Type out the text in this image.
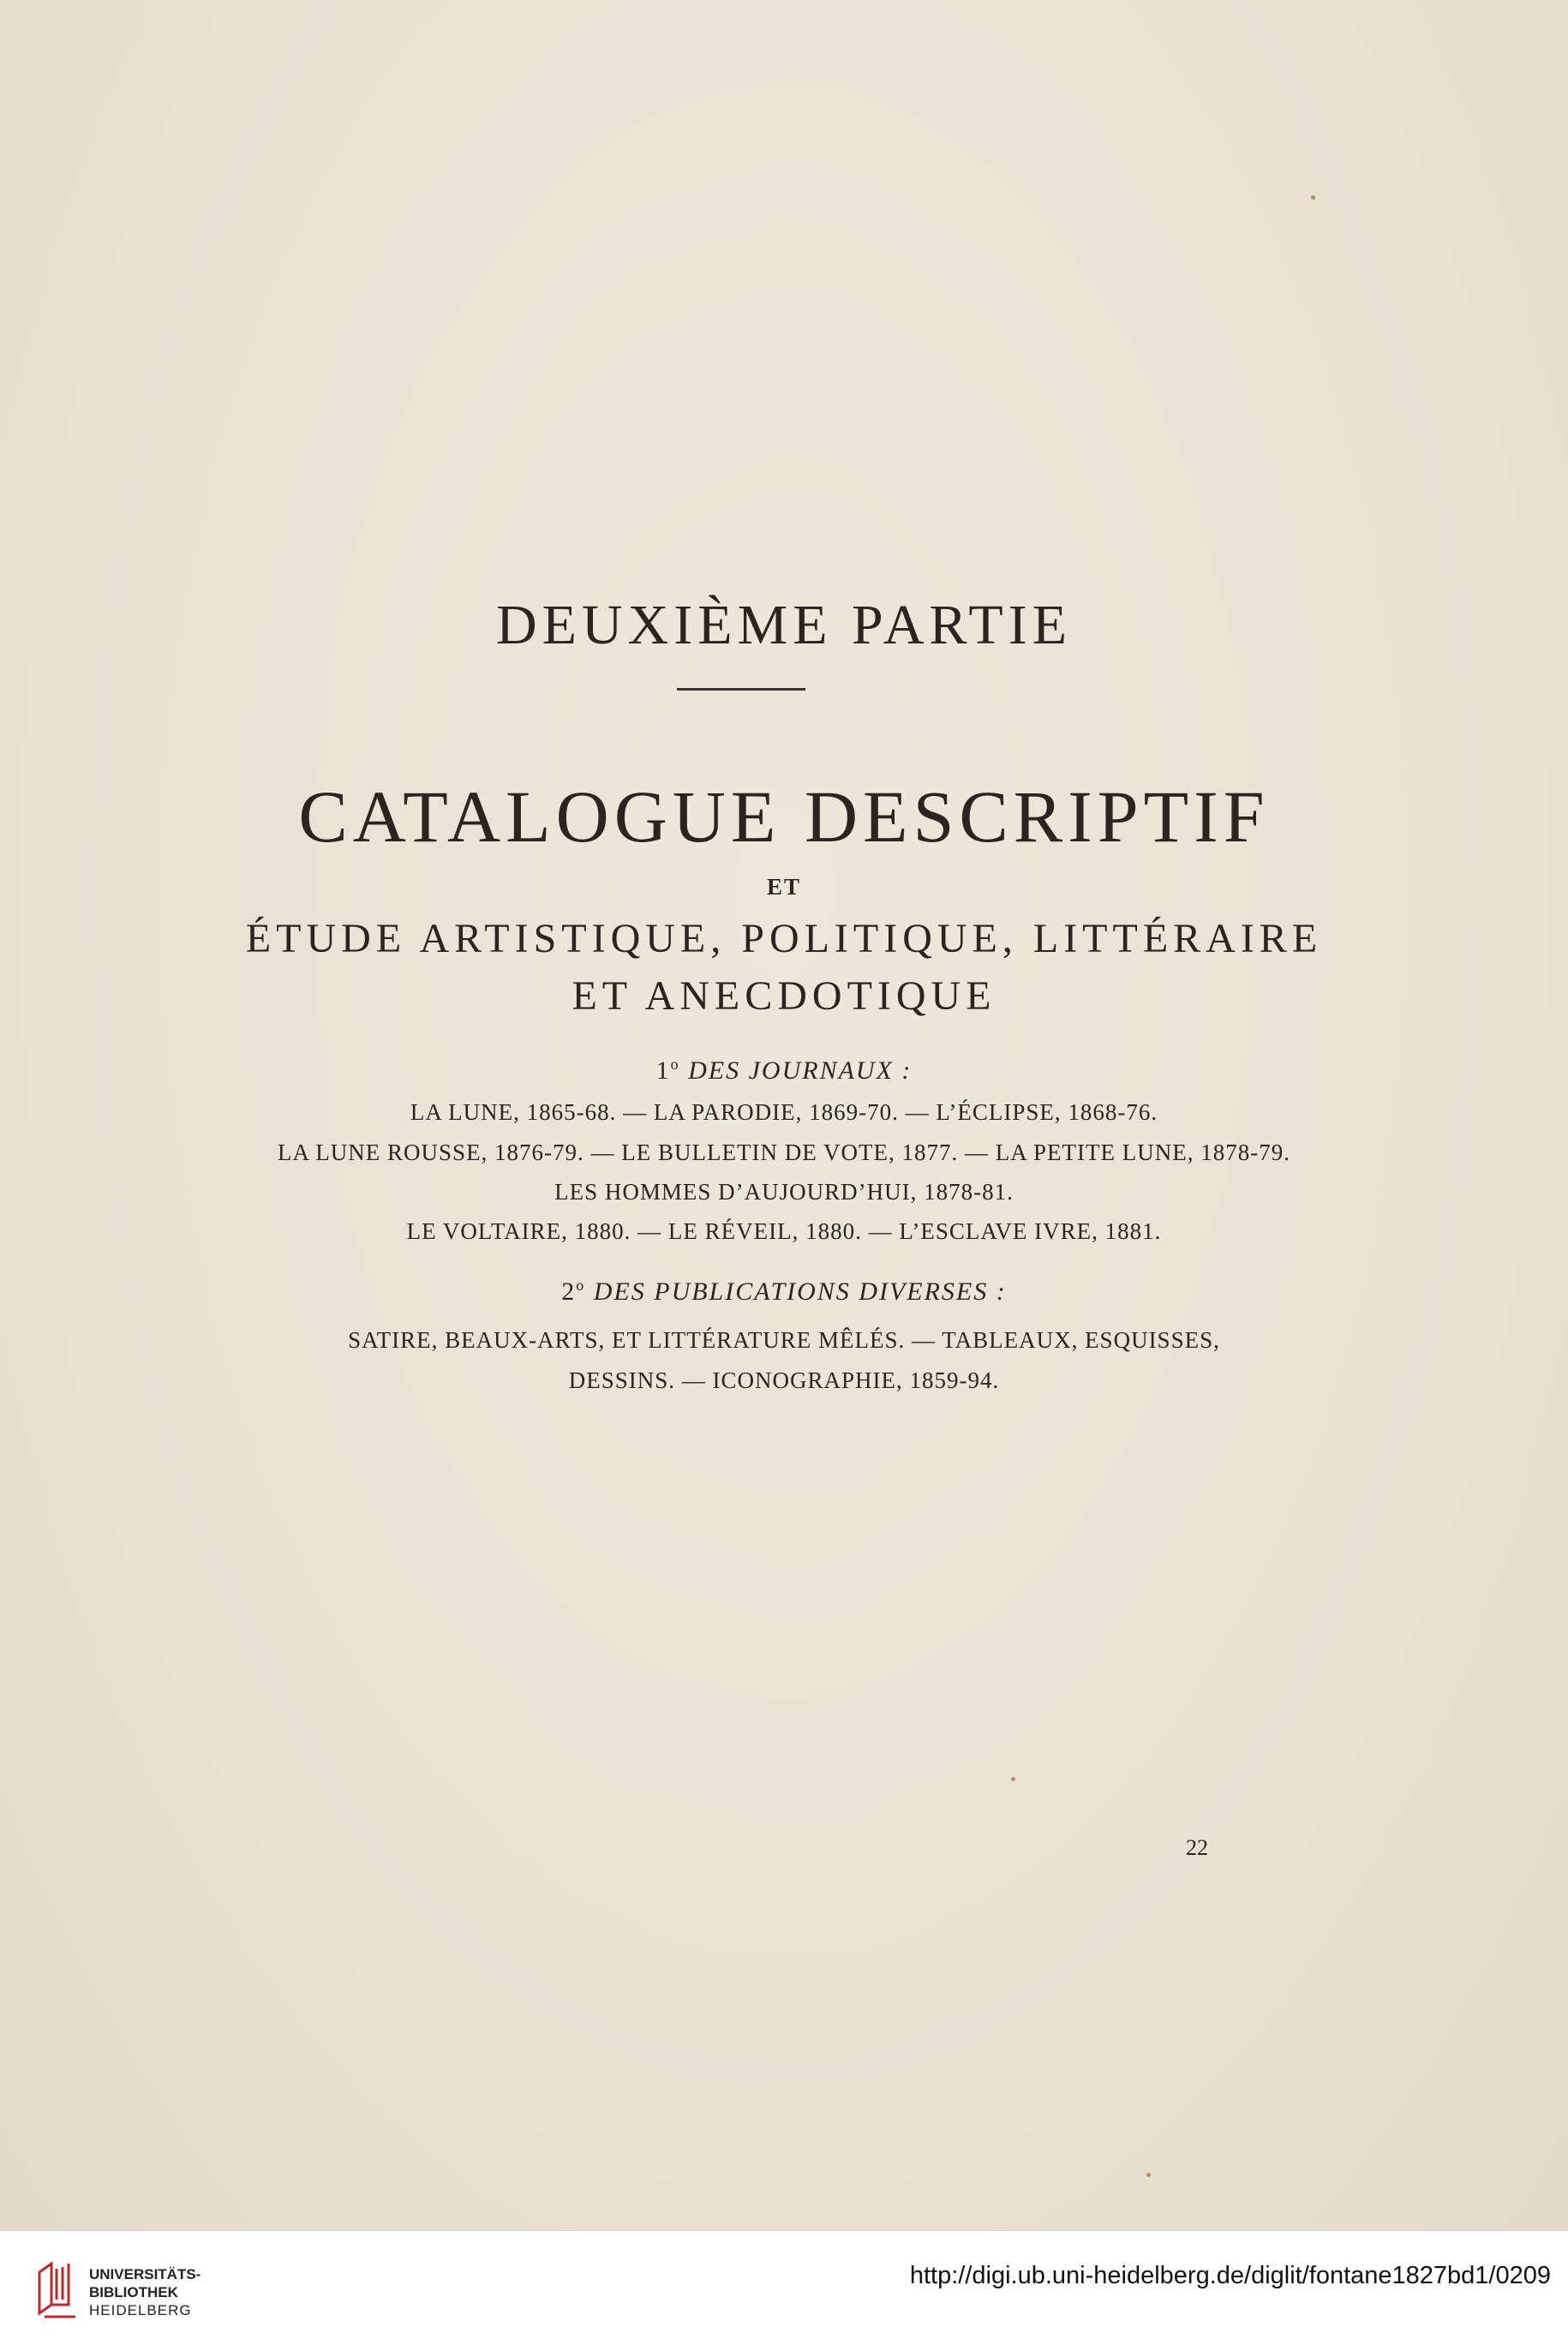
DEUXIÈME PARTIE
CATALOGUE DESCRIPTIF
ET
ÉTUDE ARTISTIQUE, POLITIQUE, LITTÉRAIRE
ET ANECDOTIQUE
1$^o$ DES JOURNAUX :
LA LUNE, 1865-68. — LA PARODIE, 1869-70. — L’ÉCLIPSE, 1868-76.
LA LUNE ROUSSE, 1876-79. — LE BULLETIN DE VOTE, 1877. — LA PETITE LUNE, 1878-79.
LES HOMMES D’AUJOURD’HUI, 1878-81.
LE VOLTAIRE, 1880. — LE RÉVEIL, 1880. — L’ESCLAVE IVRE, 1881.
2$^o$ DES PUBLICATIONS DIVERSES :
SATIRE, BEAUX-ARTS, ET LITTÉRATURE MÊLÉS. — TABLEAUX, ESQUISSES,
DESSINS. — ICONOGRAPHIE, 1859-94.
22
UNIVERSITÄTS-
BIBLIOTHEK
HEIDELBERG
http://digi.ub.uni-heidelberg.de/diglit/fontane1827bd1/0209
